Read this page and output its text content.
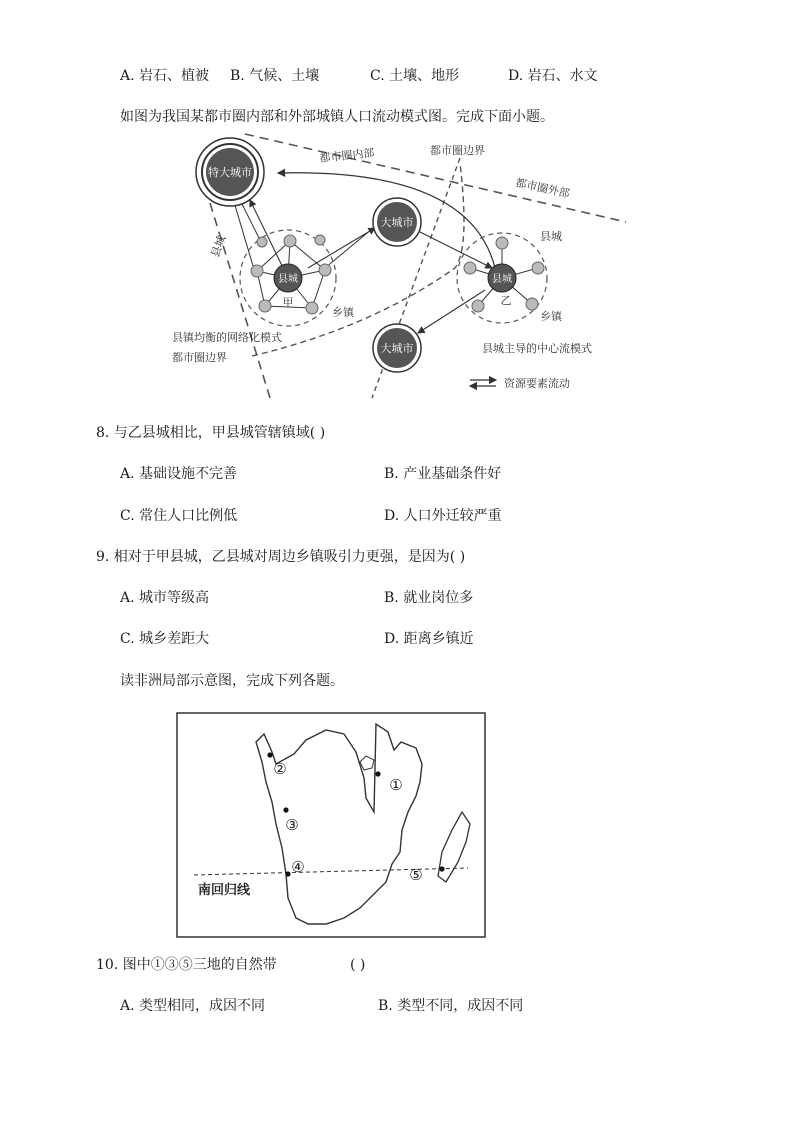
A. 岩石、植被 B. 气候、土壤	C. 土壤、地形	D. 岩石、水文
如图为我国某都市圈内部和外部城镇人口流动模式图。完成下面小题。
都市圈内部	都市圈边界
都市圈外部
县城	县城
乡镇	乡镇
县镇均衡的网络化模式
都市圈边界
县城主导的中心流模式
特大城市
大城市
大城市
县城
甲
县城
乙
资源要素流动
8. 与乙县城相比，甲县城管辖镇域( )
A. 基础设施不完善	B. 产业基础条件好
C. 常住人口比例低	D. 人口外迁较严重
9. 相对于甲县城，乙县城对周边乡镇吸引力更强，是因为( )
A. 城市等级高	B. 就业岗位多
C. 城乡差距大	D. 距离乡镇近
读非洲局部示意图，完成下列各题。
南回归线
②
①
③
④	⑤
10. 图中①③⑤三地的自然带	( )
A. 类型相同，成因不同	B. 类型不同，成因不同
